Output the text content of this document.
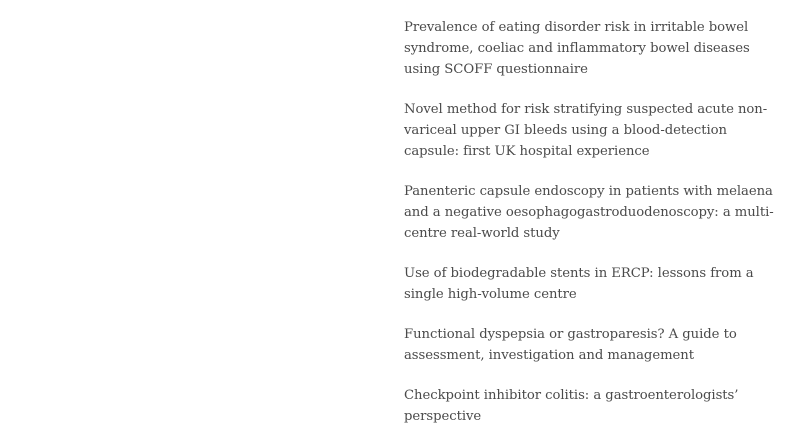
Prevalence of eating disorder risk in irritable bowel syndrome, coeliac and inflammatory bowel diseases using SCOFF questionnaire
Novel method for risk stratifying suspected acute non-variceal upper GI bleeds using a blood-detection capsule: first UK hospital experience
Panenteric capsule endoscopy in patients with melaena and a negative oesophagogastroduodenoscopy: a multi-centre real-world study
Use of biodegradable stents in ERCP: lessons from a single high-volume centre
Functional dyspepsia or gastroparesis? A guide to assessment, investigation and management
Checkpoint inhibitor colitis: a gastroenterologists’ perspective
